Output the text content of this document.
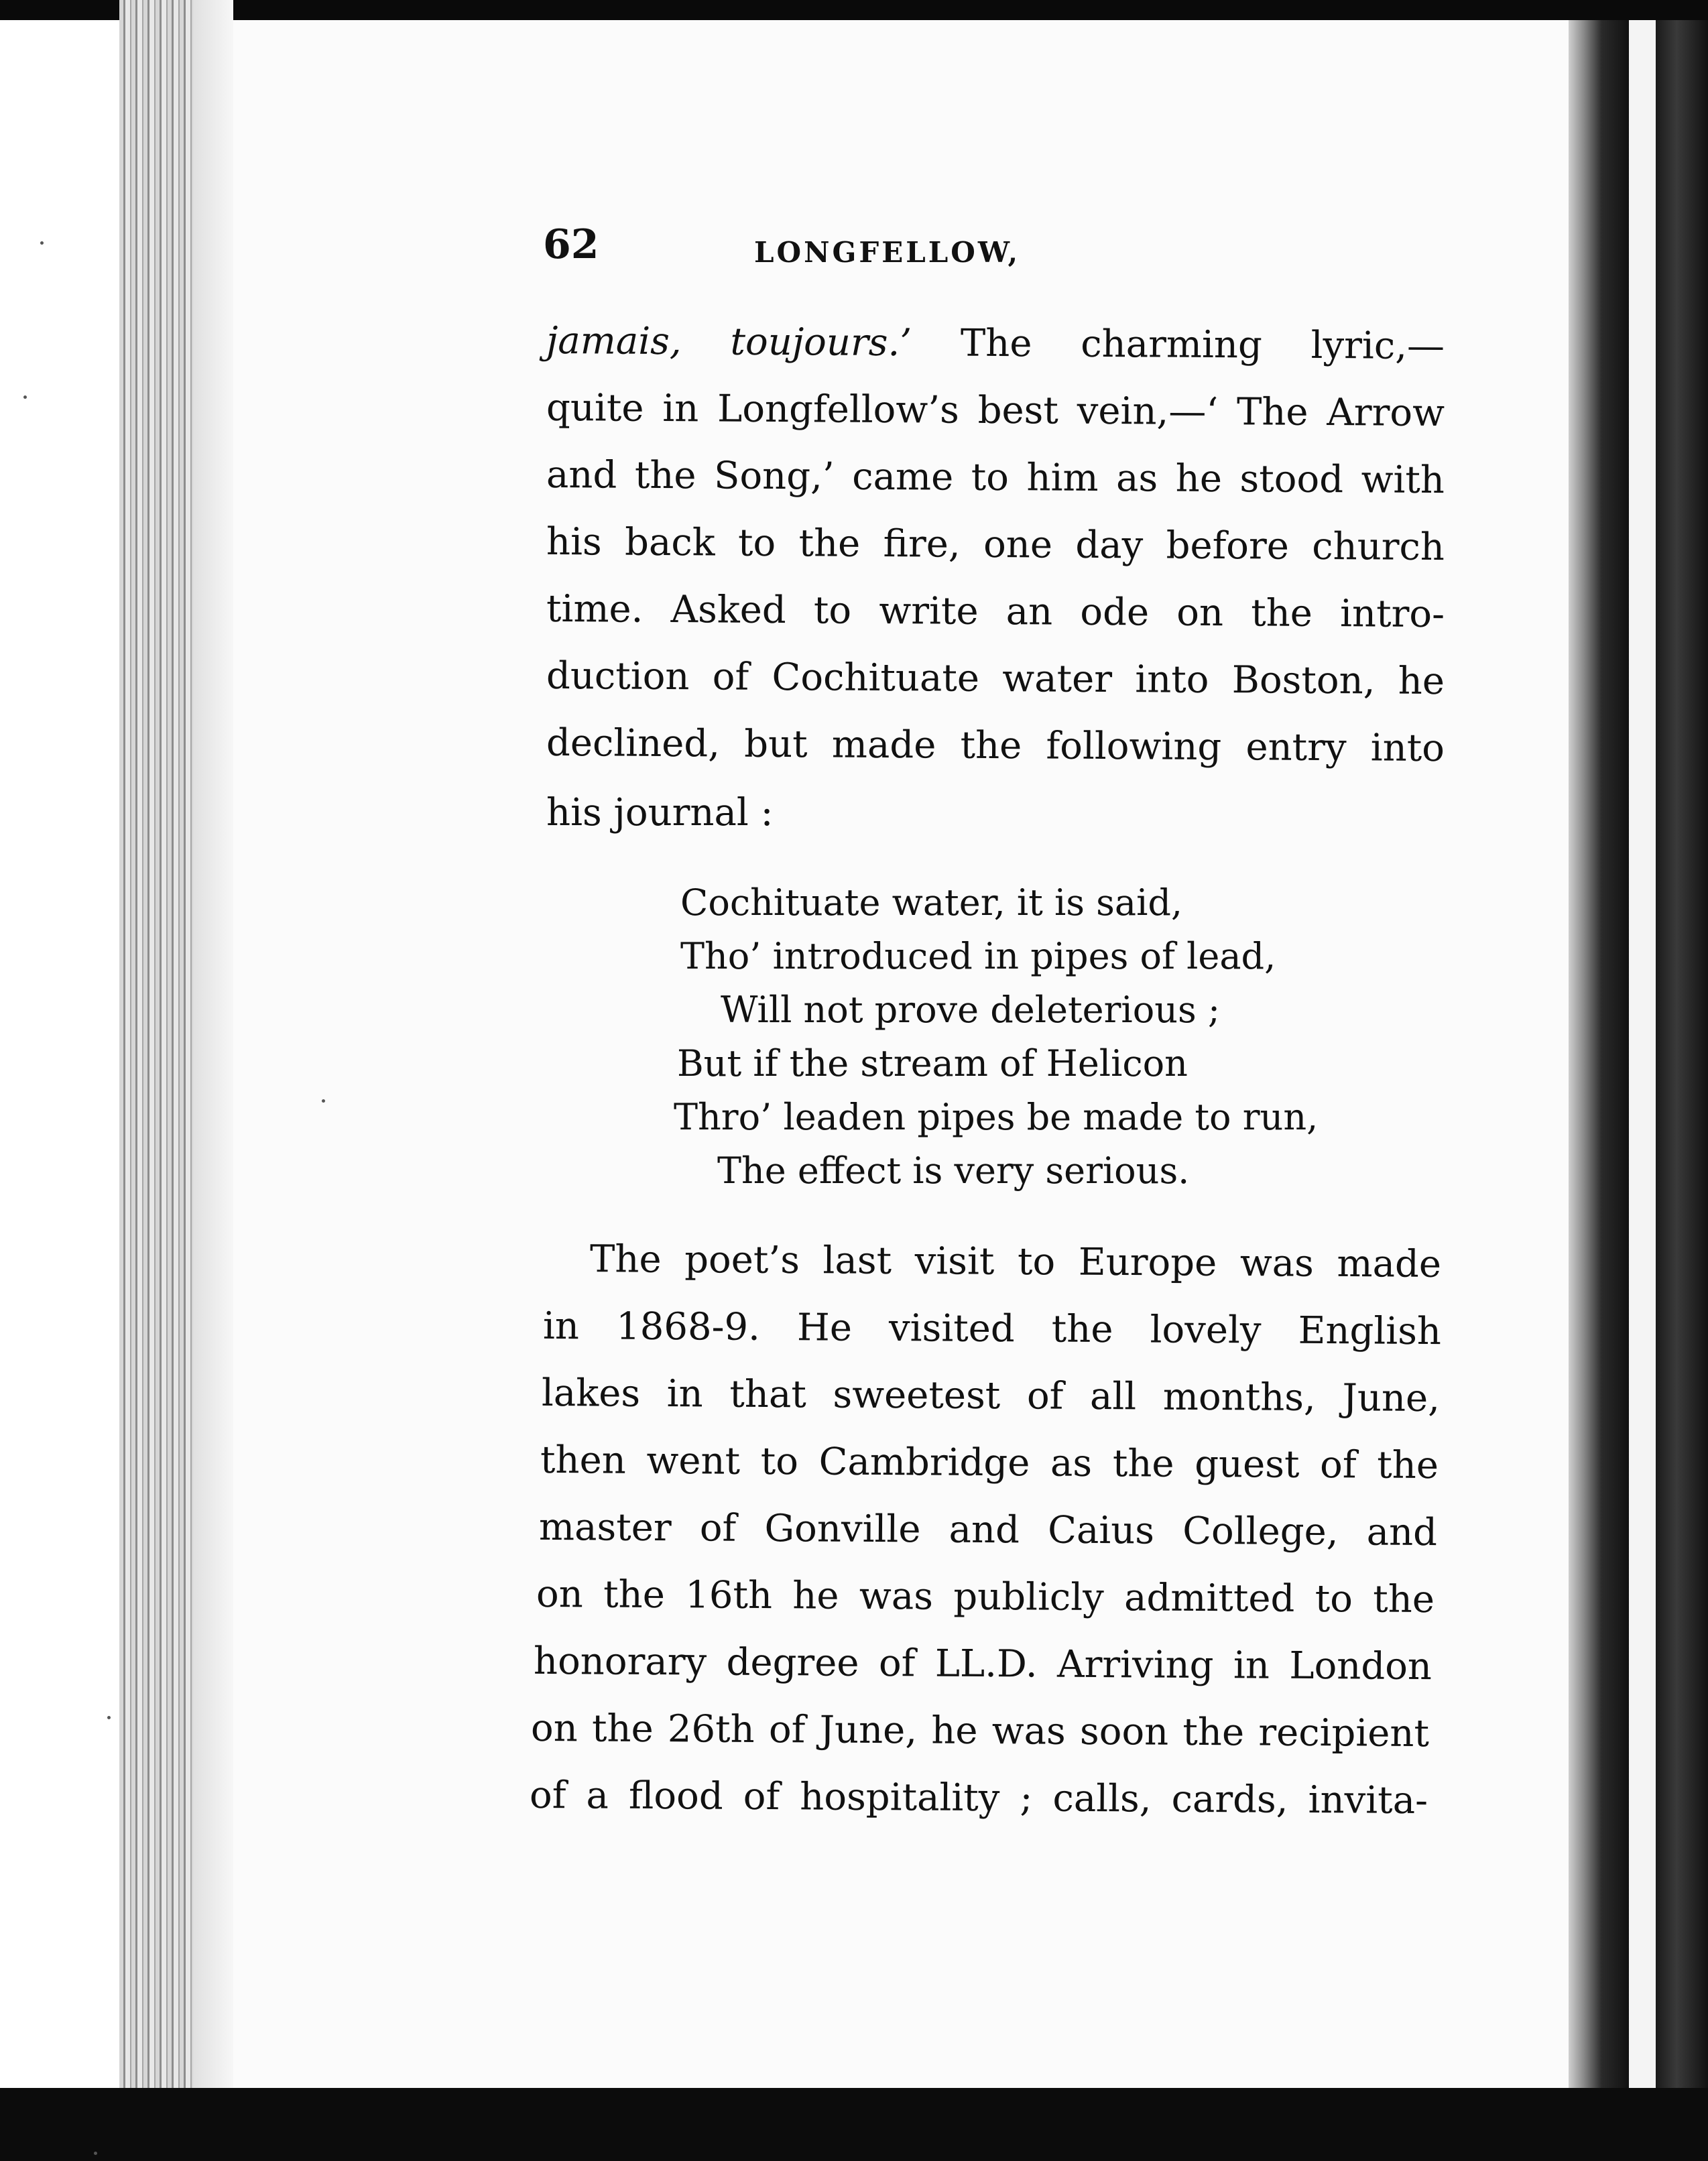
62	LONGFELLOW,
jamais, toujours.’ The charming lyric,—
quite in Longfellow’s best vein,—‘ The Arrow
and the Song,’ came to him as he stood with
his back to the fire, one day before church
time. Asked to write an ode on the intro-
duction of Cochituate water into Boston, he
declined, but made the following entry into
his journal :
Cochituate water, it is said,
Tho’ introduced in pipes of lead,
Will not prove deleterious ;
But if the stream of Helicon
Thro’ leaden pipes be made to run,
The effect is very serious.
The poet’s last visit to Europe was made
in 1868-9. He visited the lovely English
lakes in that sweetest of all months, June,
then went to Cambridge as the guest of the
master of Gonville and Caius College, and
on the 16th he was publicly admitted to the
honorary degree of LL.D. Arriving in London
on the 26th of June, he was soon the recipient
of a flood of hospitality ; calls, cards, invita-
